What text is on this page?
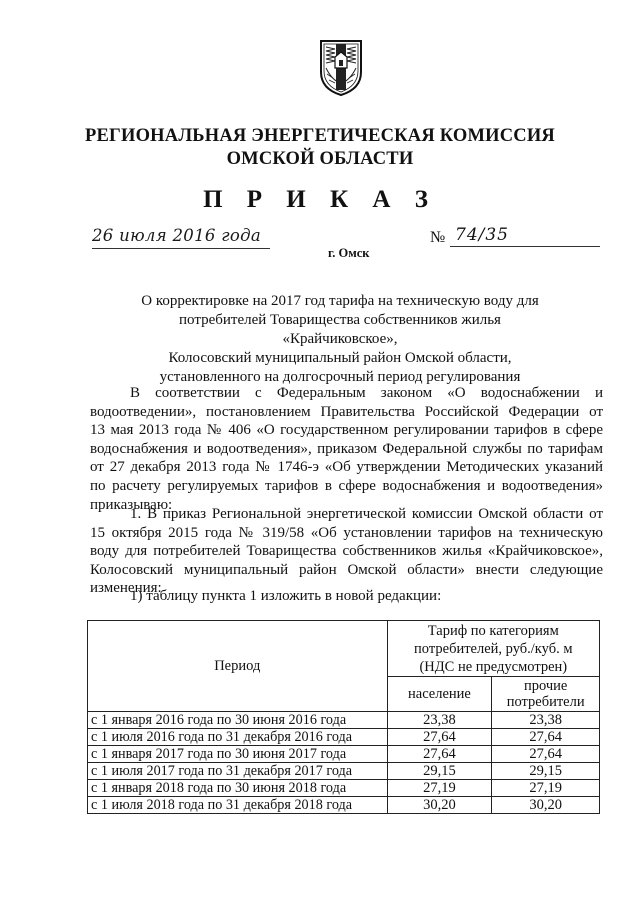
РЕГИОНАЛЬНАЯ ЭНЕРГЕТИЧЕСКАЯ КОМИССИЯ
ОМСКОЙ ОБЛАСТИ
П Р И К А З
26 июля 2016 года
г. Омск
№ 74/35
О корректировке на 2017 год тарифа на техническую воду для
потребителей Товарищества собственников жилья «Крайчиковское»,
Колосовский муниципальный район Омской области,
установленного на долгосрочный период регулирования
В соответствии с Федеральным законом «О водоснабжении и
водоотведении», постановлением Правительства Российской Федерации от
13 мая 2013 года № 406 «О государственном регулировании тарифов в сфере
водоснабжения и водоотведения», приказом Федеральной службы по тарифам
от 27 декабря 2013 года № 1746-э «Об утверждении Методических указаний
по расчету регулируемых тарифов в сфере водоснабжения и водоотведения»
приказываю:
1. В приказ Региональной энергетической комиссии Омской области от
15 октября 2015 года № 319/58 «Об установлении тарифов на техническую
воду для потребителей Товарищества собственников жилья «Крайчиковское»,
Колосовский муниципальный район Омской области» внести следующие
изменения:
1) таблицу пункта 1 изложить в новой редакции:
Период	Тариф по категориям
потребителей, руб./куб. м
(НДС не предусмотрен)	

	население	прочие
потребители

с 1 января 2016 года по 30 июня 2016 года	23,38	23,38
с 1 июля 2016 года по 31 декабря 2016 года	27,64	27,64
с 1 января 2017 года по 30 июня 2017 года	27,64	27,64
с 1 июля 2017 года по 31 декабря 2017 года	29,15	29,15
с 1 января 2018 года по 30 июня 2018 года	27,19	27,19
с 1 июля 2018 года по 31 декабря 2018 года	30,20	30,20
